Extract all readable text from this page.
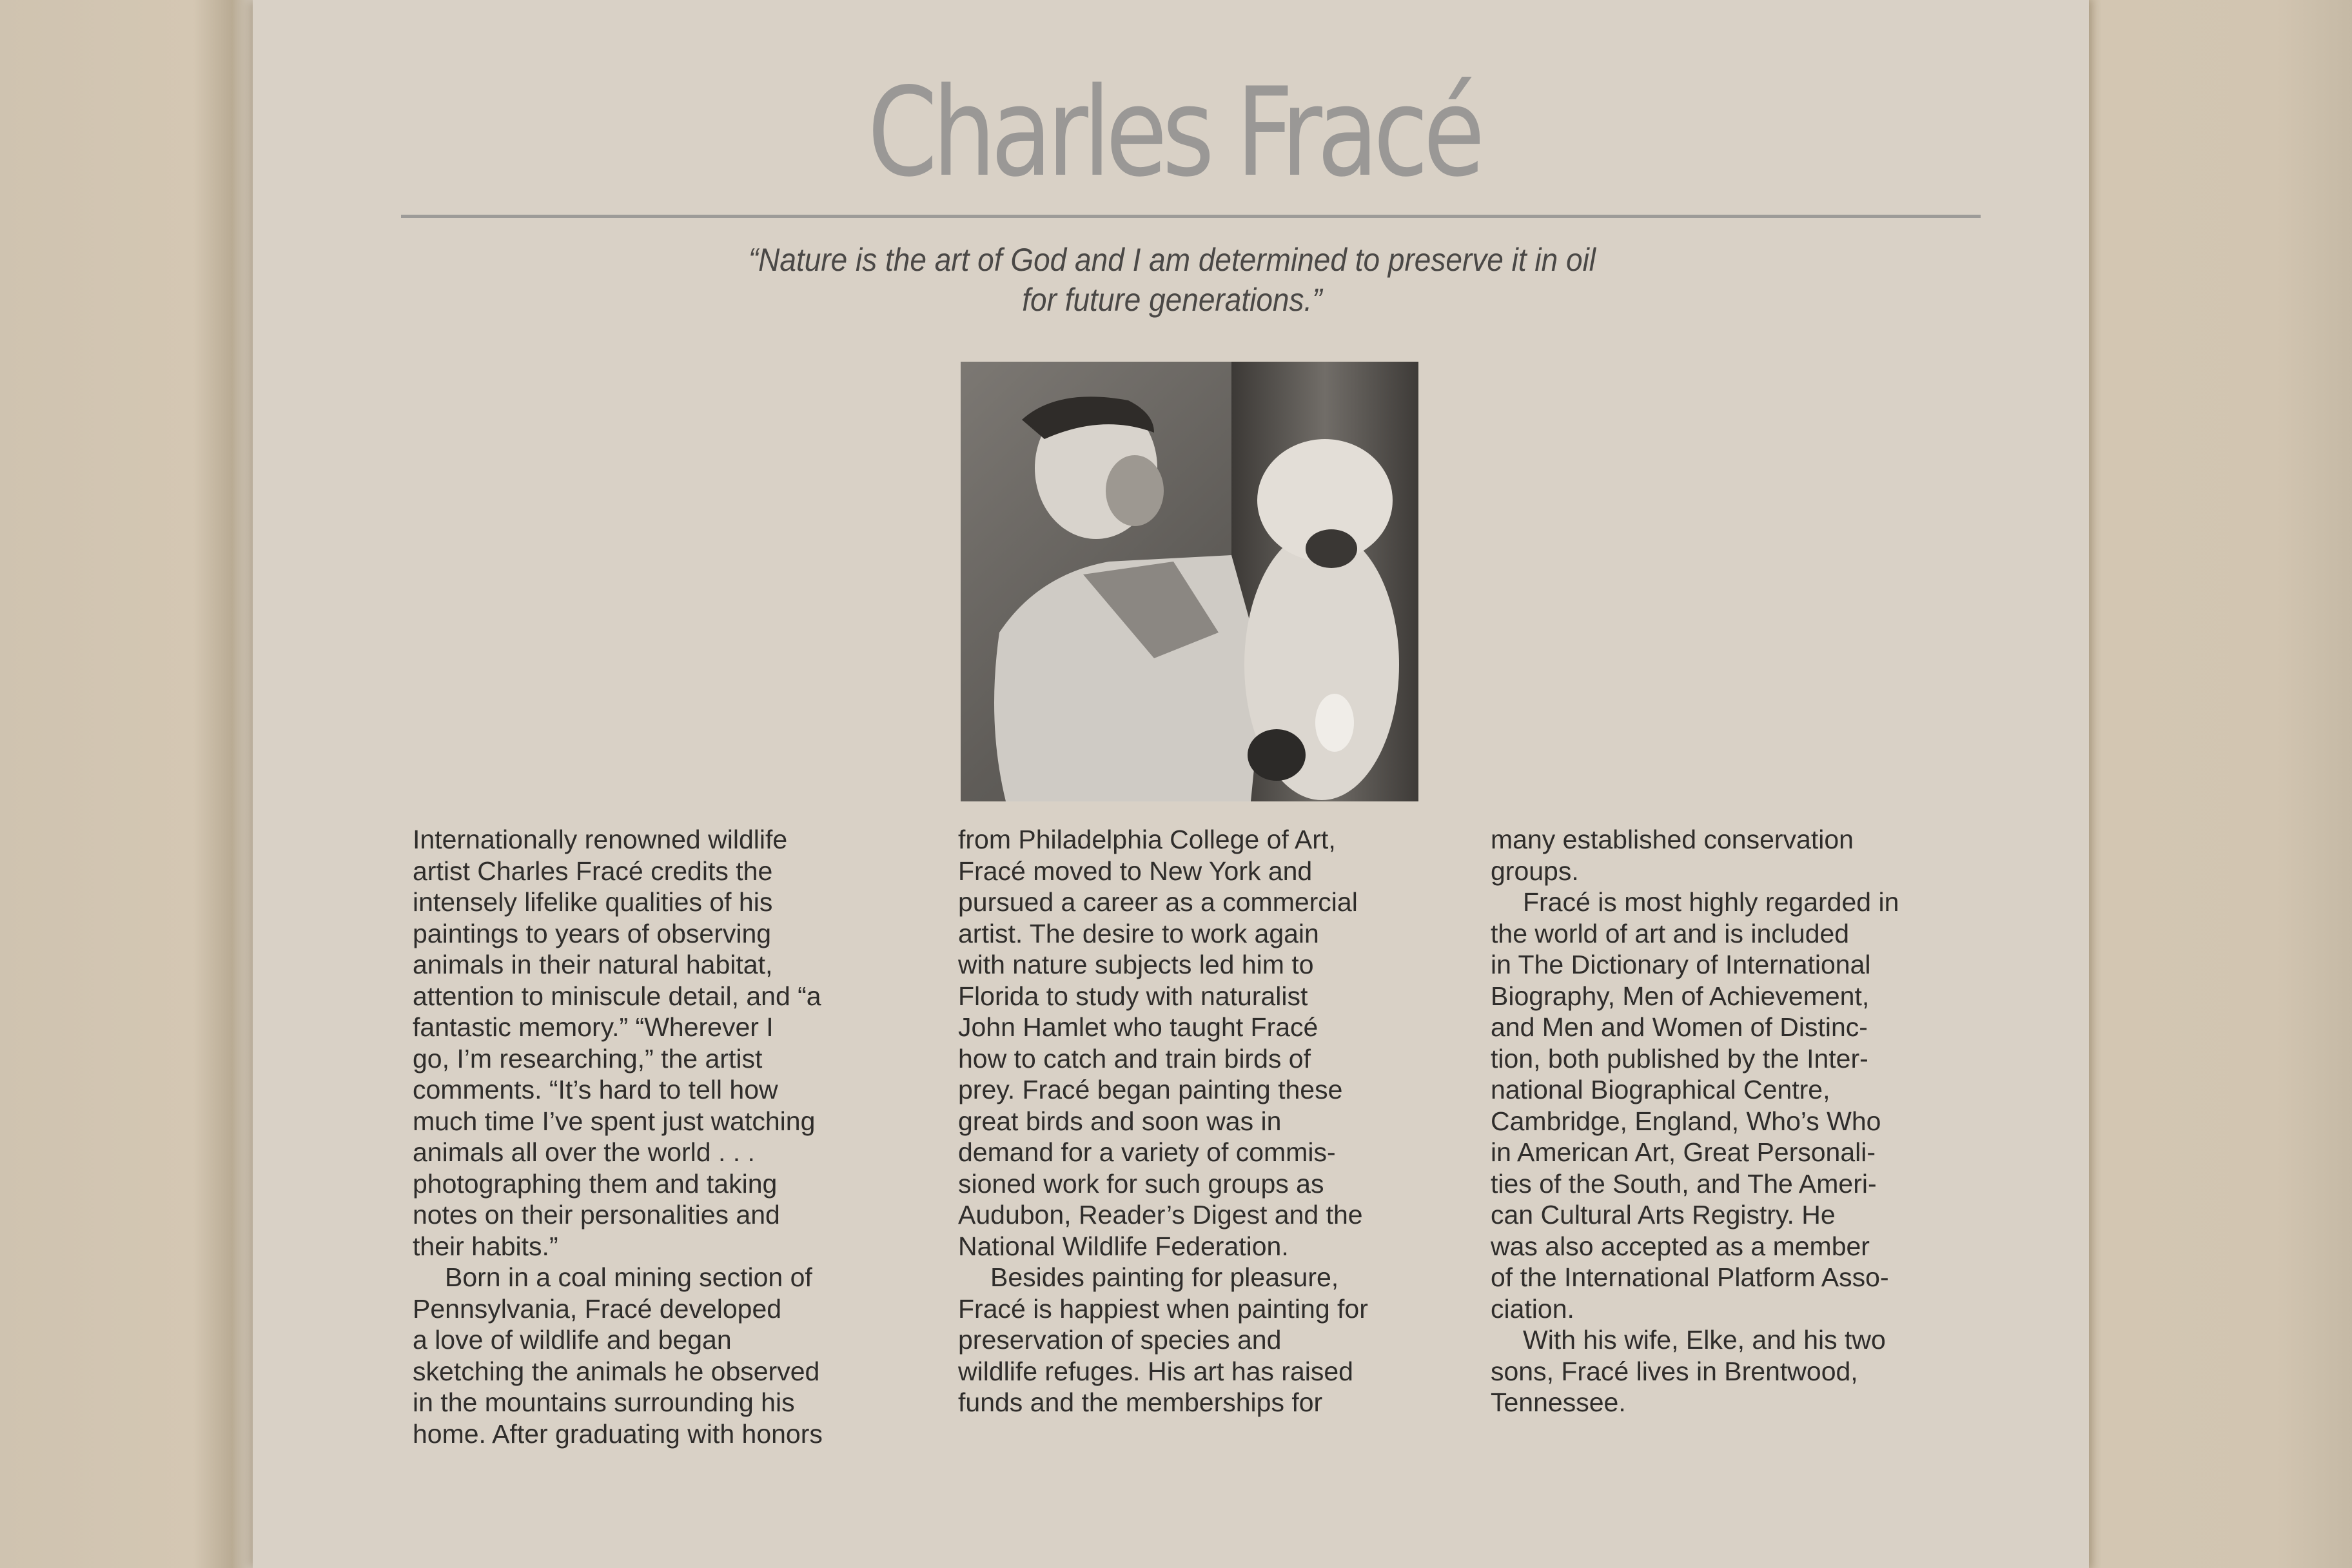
Charles Fracé
“Nature is the art of God and I am determined to preserve it in oil
for future generations.”
Internationally renowned wildlife
artist Charles Fracé credits the
intensely lifelike qualities of his
paintings to years of observing
animals in their natural habitat,
attention to miniscule detail, and “a
fantastic memory.” “Wherever I
go, I’m researching,” the artist
comments. “It’s hard to tell how
much time I’ve spent just watching
animals all over the world . . .
photographing them and taking
notes on their personalities and
their habits.”
Born in a coal mining section of
Pennsylvania, Fracé developed
a love of wildlife and began
sketching the animals he observed
in the mountains surrounding his
home. After graduating with honors
from Philadelphia College of Art,
Fracé moved to New York and
pursued a career as a commercial
artist. The desire to work again
with nature subjects led him to
Florida to study with naturalist
John Hamlet who taught Fracé
how to catch and train birds of
prey. Fracé began painting these
great birds and soon was in
demand for a variety of commis-
sioned work for such groups as
Audubon, Reader’s Digest and the
National Wildlife Federation.
Besides painting for pleasure,
Fracé is happiest when painting for
preservation of species and
wildlife refuges. His art has raised
funds and the memberships for
many established conservation
groups.
Fracé is most highly regarded in
the world of art and is included
in The Dictionary of International
Biography, Men of Achievement,
and Men and Women of Distinc-
tion, both published by the Inter-
national Biographical Centre,
Cambridge, England, Who’s Who
in American Art, Great Personali-
ties of the South, and The Ameri-
can Cultural Arts Registry. He
was also accepted as a member
of the International Platform Asso-
ciation.
With his wife, Elke, and his two
sons, Fracé lives in Brentwood,
Tennessee.
